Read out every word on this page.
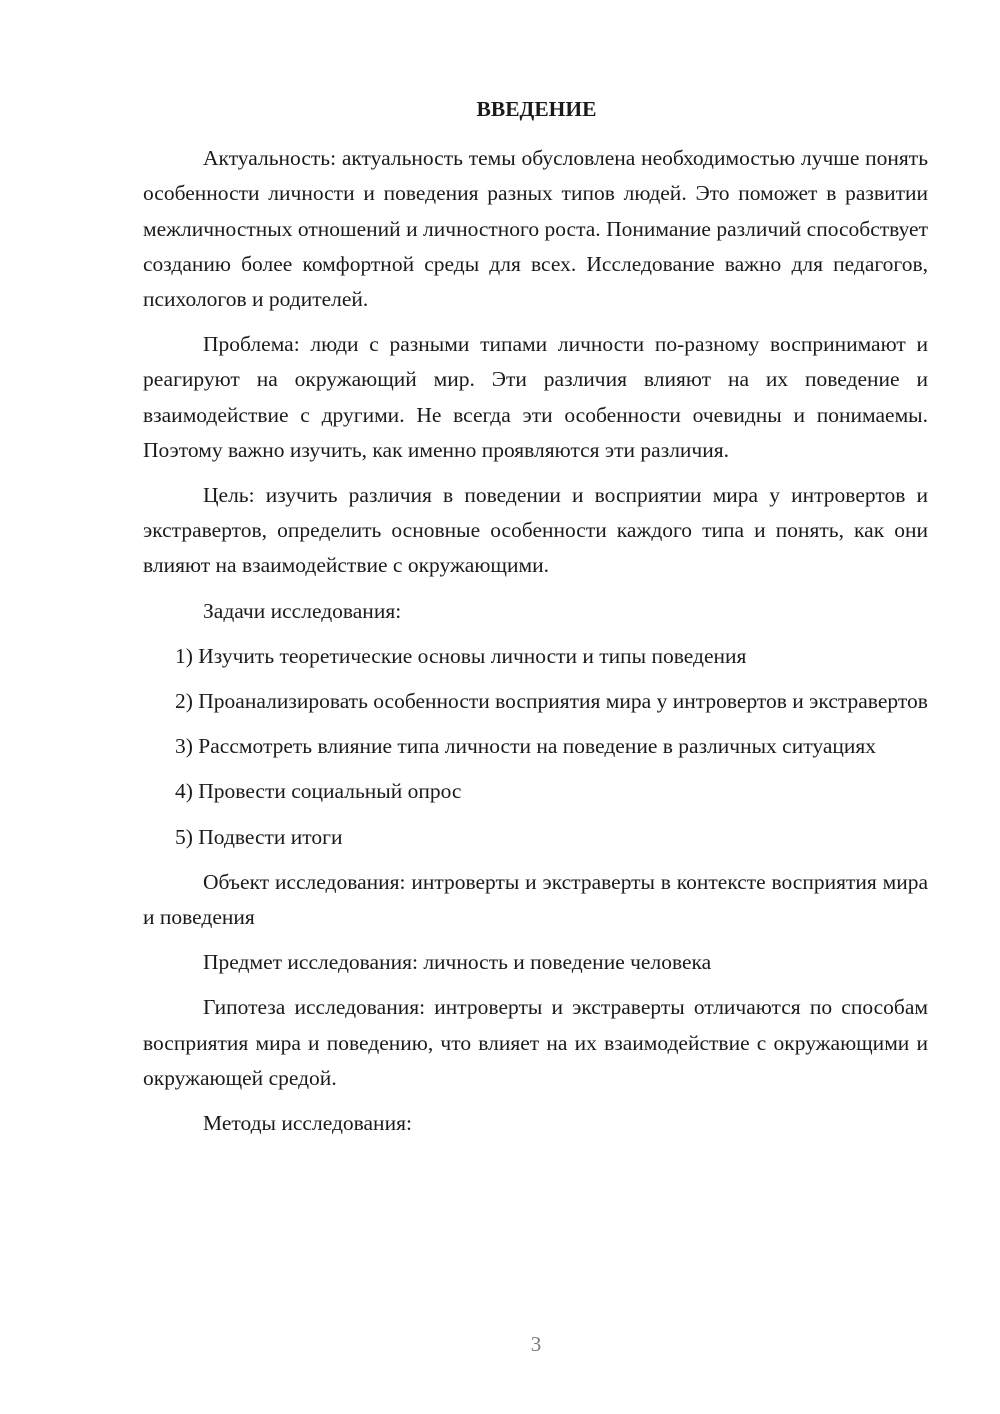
ВВЕДЕНИЕ

Актуальность: актуальность темы обусловлена необходимостью лучше понять особенности личности и поведения разных типов людей. Это поможет в развитии межличностных отношений и личностного роста. Понимание различий способствует созданию более комфортной среды для всех. Исследование важно для педагогов, психологов и родителей.

Проблема: люди с разными типами личности по-разному воспринимают и реагируют на окружающий мир. Эти различия влияют на их поведение и взаимодействие с другими. Не всегда эти особенности очевидны и понимаемы. Поэтому важно изучить, как именно проявляются эти различия.

Цель: изучить различия в поведении и восприятии мира у интровертов и экстравертов, определить основные особенности каждого типа и понять, как они влияют на взаимодействие с окружающими.

Задачи исследования:

1) Изучить теоретические основы личности и типы поведения

2) Проанализировать особенности восприятия мира у интровертов и экстравертов

3) Рассмотреть влияние типа личности на поведение в различных ситуациях

4) Провести социальный опрос

5) Подвести итоги

Объект исследования: интроверты и экстраверты в контексте восприятия мира и поведения

Предмет исследования: личность и поведение человека

Гипотеза исследования: интроверты и экстраверты отличаются по способам восприятия мира и поведению, что влияет на их взаимодействие с окружающими и окружающей средой.

Методы исследования:

3
